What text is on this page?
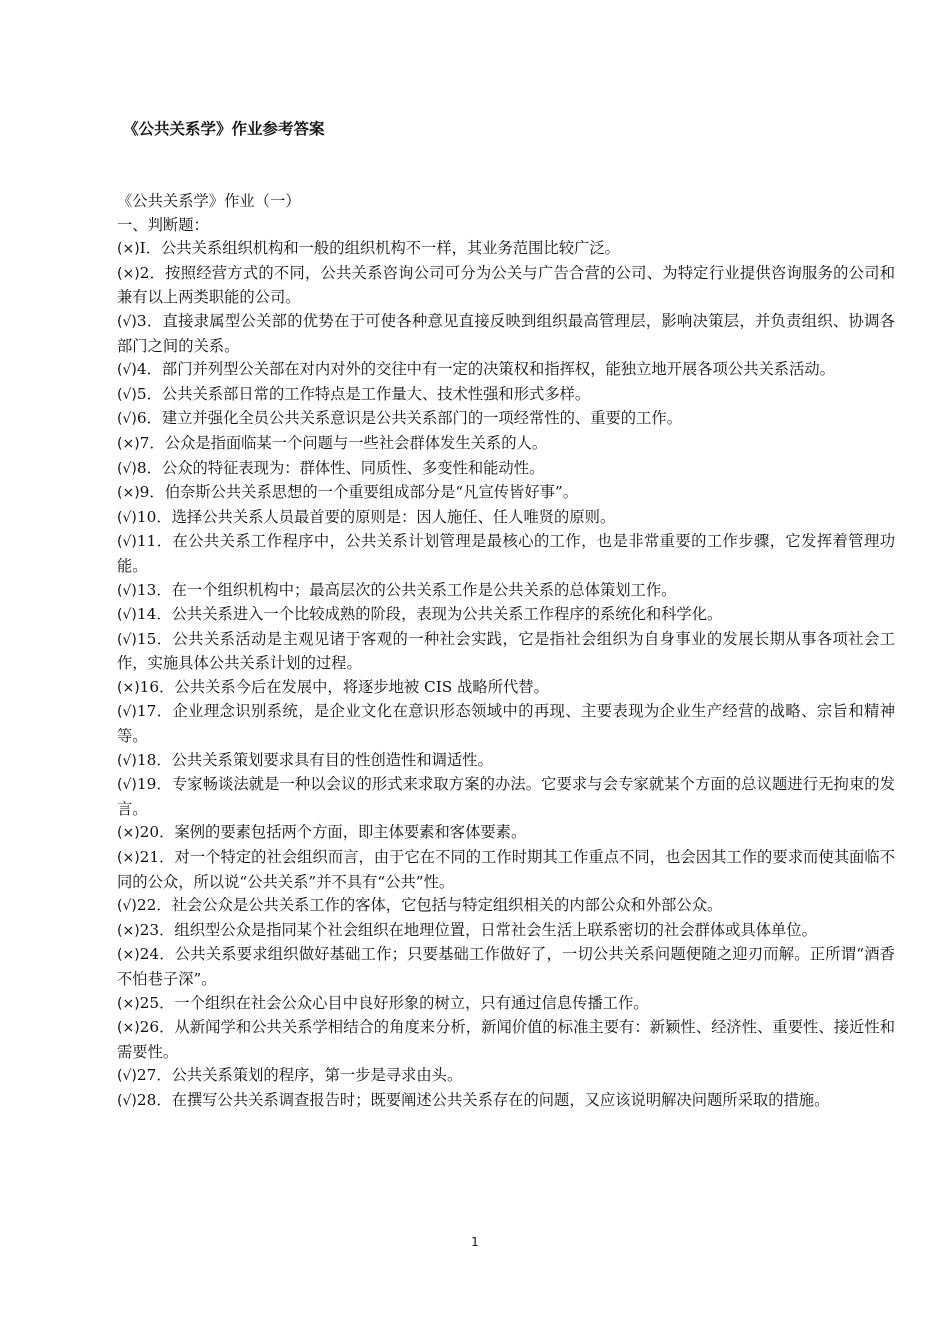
《公共关系学》作业参考答案
《公共关系学》作业（一）
一、判断题：
(×)I．公共关系组织机构和一般的组织机构不一样，其业务范围比较广泛。
(×)2．按照经营方式的不同，公共关系咨询公司可分为公关与广告合营的公司、为特定行业提供咨询服务的公司和兼有以上两类职能的公司。
(√)3．直接隶属型公关部的优势在于可使各种意见直接反映到组织最高管理层，影响决策层，并负责组织、协调各部门之间的关系。
(√)4．部门并列型公关部在对内对外的交往中有一定的决策权和指挥权，能独立地开展各项公共关系活动。
(√)5．公共关系部日常的工作特点是工作量大、技术性强和形式多样。
(√)6．建立并强化全员公共关系意识是公共关系部门的一项经常性的、重要的工作。
(×)7．公众是指面临某一个问题与一些社会群体发生关系的人。
(√)8．公众的特征表现为：群体性、同质性、多变性和能动性。
(×)9．伯奈斯公共关系思想的一个重要组成部分是“凡宣传皆好事”。
(√)10．选择公共关系人员最首要的原则是：因人施任、任人唯贤的原则。
(√)11．在公共关系工作程序中，公共关系计划管理是最核心的工作，也是非常重要的工作步骤，它发挥着管理功能。
(√)13．在一个组织机构中；最高层次的公共关系工作是公共关系的总体策划工作。
(√)14．公共关系进入一个比较成熟的阶段，表现为公共关系工作程序的系统化和科学化。
(√)15．公共关系活动是主观见诸于客观的一种社会实践，它是指社会组织为自身事业的发展长期从事各项社会工作，实施具体公共关系计划的过程。
(×)16．公共关系今后在发展中，将逐步地被 CIS 战略所代替。
(√)17．企业理念识别系统，是企业文化在意识形态领域中的再现、主要表现为企业生产经营的战略、宗旨和精神等。
(√)18．公共关系策划要求具有目的性创造性和调适性。
(√)19．专家畅谈法就是一种以会议的形式来求取方案的办法。它要求与会专家就某个方面的总议题进行无拘束的发言。
(×)20．案例的要素包括两个方面，即主体要素和客体要素。
(×)21．对一个特定的社会组织而言，由于它在不同的工作时期其工作重点不同，也会因其工作的要求而使其面临不同的公众，所以说“公共关系”并不具有“公共”性。
(√)22．社会公众是公共关系工作的客体，它包括与特定组织相关的内部公众和外部公众。
(×)23．组织型公众是指同某个社会组织在地理位置，日常社会生活上联系密切的社会群体或具体单位。
(×)24．公共关系要求组织做好基础工作；只要基础工作做好了，一切公共关系问题便随之迎刃而解。正所谓“酒香不怕巷子深”。
(×)25．一个组织在社会公众心目中良好形象的树立，只有通过信息传播工作。
(×)26．从新闻学和公共关系学相结合的角度来分析，新闻价值的标准主要有：新颖性、经济性、重要性、接近性和需要性。
(√)27．公共关系策划的程序，第一步是寻求由头。
(√)28．在撰写公共关系调查报告时；既要阐述公共关系存在的问题，又应该说明解决问题所采取的措施。
1
